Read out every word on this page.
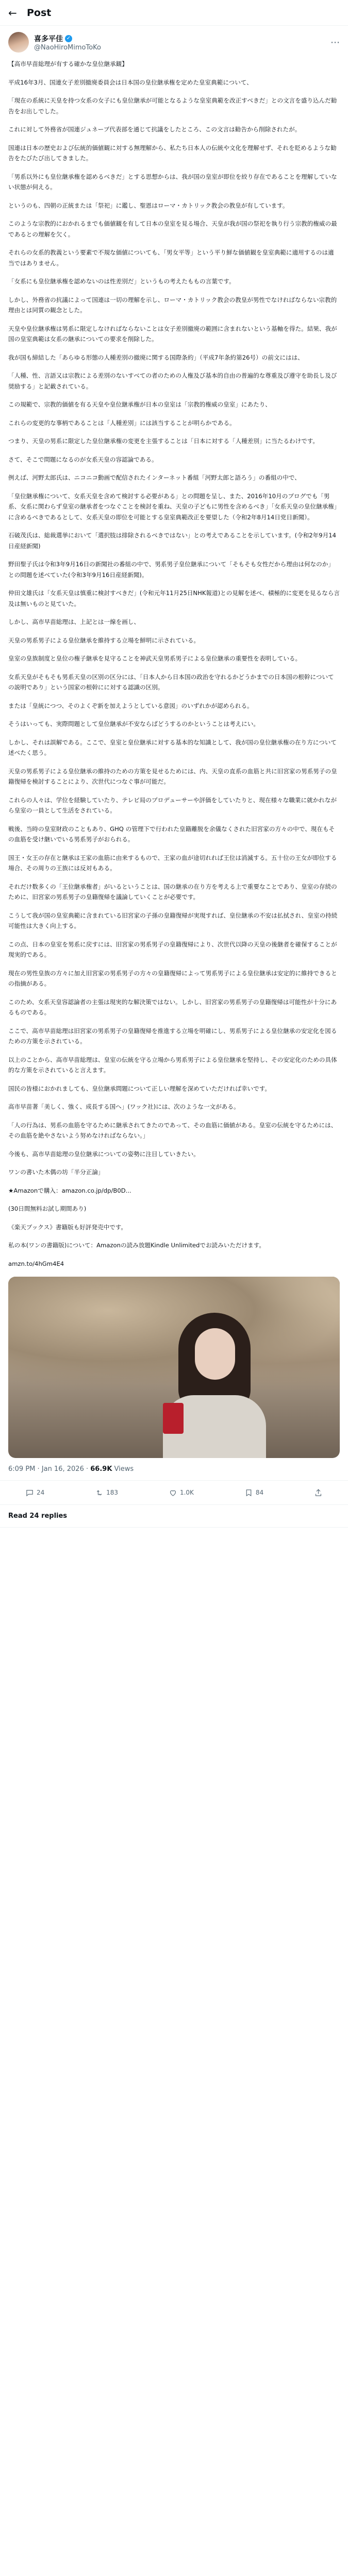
←	Post
喜多平佳 ✓
@NaoHiroMimoToKo	⋯

【高市早苗総理が有する確かな皇位継承観】

平成16年3月、国連女子差別撤廃委員会は日本国の皇位継承権を定めた皇室典範について、

「現在の系統に天皇を持つ女系の女子にも皇位継承が可能となるような皇室典範を改正すべきだ」との文言を盛り込んだ勧告をお出しでした。

これに対して外務省が国連ジュネーブ代表部を通じて抗議をしたところ、この文言は勧告から削除されたが。

国連は日本の歴史および伝統的価値観に対する無理解から、私たち日本人の伝統や文化を理解せず、それを貶めるような勧告をたびたび出してきました。

「男系以外にも皇位継承権を認めるべきだ」とする思想からは、我が国の皇室が即位を絞り存在であることを理解していない状態が伺える。

というのも、四朝の正統または「祭祀」に鑑し、聖恩はローマ・カトリック教会の教皇が有しています。

このような宗教的におかれるまでも価値観を有して日本の皇室を見る場合、天皇が我が国の祭祀を執り行う宗教的権威の最であるとの理解を欠く。

それらの女系的教義という要素で不規な価値についても、「男女平等」という平り鮮な価値観を皇室典範に適用するのは適当ではありません。

「女系にも皇位継承権を認めないのは性差別だ」というもの考えたももの言葉です。

しかし、外務省の抗議によって国連は一切の理解を示し、ローマ・カトリック教会の教皇が男性でなければならない宗教的理由とは同質の観念とした。

天皇や皇位継承権は男系に限定しなければならないことは女子差別撤廃の範囲に含まれないという基軸を得た。結果、我が国の皇室典範は女系の継承についての要求を削除した。

我が国も締結した「あらゆる形態の人種差別の撤廃に関する国際条約」（平成7年条約第26号）の前文にはは、

「人種、性、言語又は宗教による差別のないすべての者のための人権及び基本的自由の普遍的な尊重及び遵守を助長し及び奨励する」と記載されている。

この規範で、宗教的価値を有る天皇や皇位継承権が日本の皇室は「宗教的権威の皇室」にあたり、

これらの変更的な事柄であることは「人種差別」には該当することが明らかである。

つまり、天皇の男系に限定した皇位継承権の変更を主張することは「日本に対する「人種差別」に当たるわけです。

さて、そこで問題になるのが女系天皇の容認論である。

例えば、河野太郎氏は、ニコニコ動画で配信されたインターネット番組「河野太郎と語ろう」の番組の中で、

「皇位継承権について、女系天皇を含めて検討する必要がある」との問題を呈し、また、2016年10月のブログでも「男系、女系に関わらず皇室の継承者をつなぐことを検討を重ね、天皇の子どもに男性を含めるべき」「女系天皇の皇位継承権」に含めるべきであるとして、女系天皇の即位を可能とする皇室典範改正を要望した（令和2年8月14日党日新聞）。

石破茂氏は、総裁選挙において「選択肢は排除されるべきではない」との考えであることを示しています。(令和2年9月14日産経新聞)

野田聖子氏は令和3年9月16日の新聞社の番組の中で、男系男子皇位継承について「そもそも女性だから理由は何なのか」との問題を述べていた(令和3年9月16日産経新聞)。

仲田文雄氏は「女系天皇は慎重に検討すべきだ」(令和元年11月25日NHK報道)との見解を述べ、積極的に変更を見るなら言及は無いものと見ていた。

しかし、高市早苗総理は、上記とは一線を画し、

天皇の男系男子による皇位継承を維持する立場を鮮明に示されている。

皇室の皇族制度と皇位の権子継承を見守ることを神武天皇男系男子による皇位継承の重要性を表明している。

女系天皇がそもそも男系天皇の区別の区分には、「日本人から日本国の政治を守れるかどうかまでの日本国の根幹についての説明であり」という国家の根幹にに対する認識の区別。

または「皇統につつ、そのよくぞ新を加えようとしている意図」のいずれかが認められる。

そうはいっても、実際問題として皇位継承が不安ならばどうするのかということは考えにい。

しかし、それは誤解である。ここで、皇室と皇位継承に対する基本的な知識として、我が国の皇位継承権の在り方について述べたく思う。

天皇の男系男子による皇位継承の維持のための方策を見せるためには、内、天皇の直系の血筋と共に旧宮家の男系男子の皇籍復帰を検討することにより、次世代につなぐ事が可能だ。

これらの人々は、学位を経験していたり、テレビ局のプロデューサーや評価をしていたりと、現在様々な職業に就かれながら皇室の一員として生活をされている。

戦後、当時の皇室財政のこともあり、GHQ の管理下で行われた皇籍離脱を余儀なくされた旧宮家の方々の中で、現在もその血筋を受け継いでいる男系男子がおられる。

国王・女王の存在と継承は王家の血筋に由来するもので、王家の血が途切れれば王位は消滅する。五十位の王女が即位する場合、その周りの王族には反対もある。

それだけ数多くの「王位継承権者」がいるということは、国の継承の在り方を考える上で重要なことであり、皇室の存続のために、旧宮家の男系男子の皇籍復帰を議論していくことが必要です。

こうして我が国の皇室典範に含まれている旧宮家の子孫の皇籍復帰が実現すれば、皇位継承の不安は払拭され、皇室の持続可能性は大きく向上する。

この点、日本の皇室を男系に戻すには、旧宮家の男系男子の皇籍復帰により、次世代以降の天皇の後継者を確保することが現実的である。

現在の男性皇族の方々に加え旧宮家の男系男子の方々の皇籍復帰によって男系男子による皇位継承は安定的に維持できるとの指摘がある。

このため、女系天皇容認論者の主張は現実的な解決策ではない。しかし、旧宮家の男系男子の皇籍復帰は可能性が十分にあるものである。

ここで、高市早苗総理は旧宮家の男系男子の皇籍復帰を推進する立場を明確にし、男系男子による皇位継承の安定化を図るための方策を示されている。

以上のことから、高市早苗総理は、皇室の伝統を守る立場から男系男子による皇位継承を堅持し、その安定化のための具体的な方策を示されていると言えます。

国民の皆様におかれましても、皇位継承問題について正しい理解を深めていただければ幸いです。

高市早苗著「美しく、強く、成長する国へ」(ワック社)には、次のような一文がある。

「人の行為は、男系の血筋を守るために継承されてきたのであって、その血筋に価値がある。皇室の伝統を守るためには、その血筋を絶やさないよう努めなければならない。」

今後も、高市早苗総理の皇位継承についての姿勢に注目していきたい。

ワンの書いた木偶の坊「半分正論」

★Amazonで購入：amazon.co.jp/dp/B0D...

(30日間無料お試し期間あり)

《楽天ブックス》書籍版も好評発売中です。

私の本(ワンの書籍版)について：Amazonの読み放題Kindle Unlimitedでお読みいただけます。

amzn.to/4hGm4E4

6:09 PM · Jan 16, 2026 · 66.9K Views
24	183	1.0K	84
Read 24 replies
